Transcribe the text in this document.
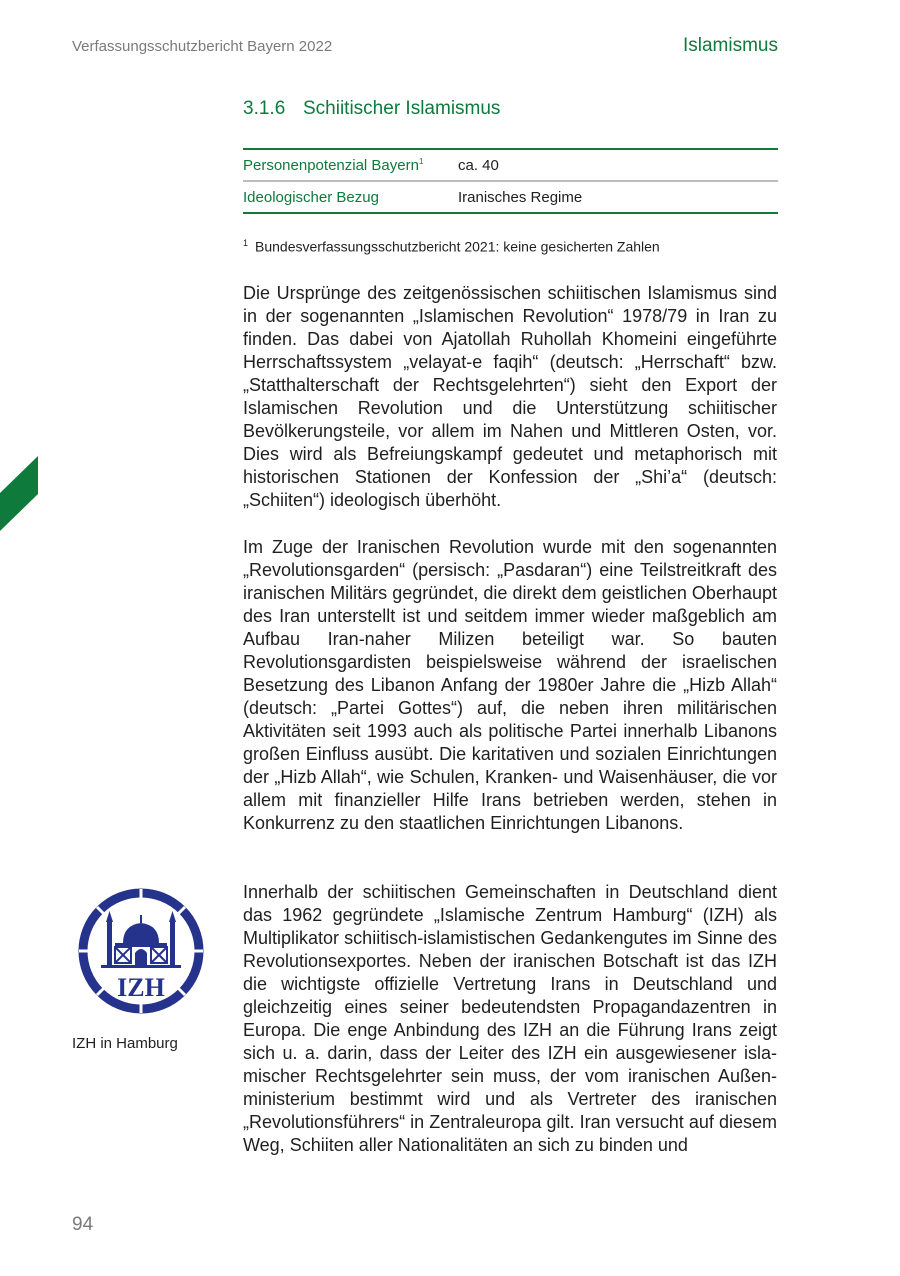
Verfassungsschutzbericht Bayern 2022	Islamismus
3.1.6 Schiitischer Islamismus
Personenpotenzial Bayern$^1$	ca. 40
Ideologischer Bezug	Iranisches Regime
$^1$ Bundesverfassungsschutzbericht 2021: keine gesicherten Zahlen

Die Ursprünge des zeitgenössischen schiitischen Islamismus sind in der sogenannten „Islamischen Revolution“ 1978/79 in Iran zu finden. Das dabei von Ajatollah Ruhollah Khomeini eingeführte Herrschaftssystem „velayat-e faqih“ (deutsch: „Herrschaft“ bzw. „Statthalterschaft der Rechtsgelehrten“) sieht den Export der Islamischen Revolution und die Unterstützung schiitischer Bevölkerungsteile, vor allem im Nahen und Mittleren Osten, vor. Dies wird als Befreiungskampf gedeutet und metaphorisch mit historischen Stationen der Konfession der „Shi’a“ (deutsch: „Schiiten“) ideologisch überhöht.

Im Zuge der Iranischen Revolution wurde mit den sogenannten „Revolutionsgarden“ (persisch: „Pasdaran“) eine Teilstreitkraft des iranischen Militärs gegründet, die direkt dem geistlichen Oberhaupt des Iran unterstellt ist und seitdem immer wieder maßgeblich am Aufbau Iran-naher Milizen beteiligt war. So bauten Revolutionsgardisten beispielsweise während der israelischen Besetzung des Libanon Anfang der 1980er Jahre die „Hizb Allah“ (deutsch: „Partei Gottes“) auf, die neben ihren militärischen Aktivitäten seit 1993 auch als politische Partei innerhalb Libanons großen Einfluss ausübt. Die karitativen und sozialen Einrichtungen der „Hizb Allah“, wie Schulen, Kranken- und Waisenhäuser, die vor allem mit finanzieller Hilfe Irans betrieben werden, stehen in Konkurrenz zu den staatlichen Einrichtungen Libanons.

Innerhalb der schiitischen Gemeinschaften in Deutschland dient das 1962 gegründete „Islamische Zentrum Hamburg“ (IZH) als Multiplikator schiitisch-islamistischen Gedankengutes im Sinne des Revolutionsexportes. Neben der iranischen Botschaft ist das IZH die wichtigste offizielle Vertretung Irans in Deutschland und gleichzeitig eines seiner bedeutendsten Propagandazentren in Europa. Die enge Anbindung des IZH an die Führung Irans zeigt sich u. a. darin, dass der Leiter des IZH ein ausgewiesener islamischer Rechtsgelehrter sein muss, der vom iranischen Außenministerium bestimmt wird und als Vertreter des iranischen „Revolutionsführers“ in Zentraleuropa gilt. Iran versucht auf diesem Weg, Schiiten aller Nationalitäten an sich zu binden und

IZH
IZH in Hamburg
94
